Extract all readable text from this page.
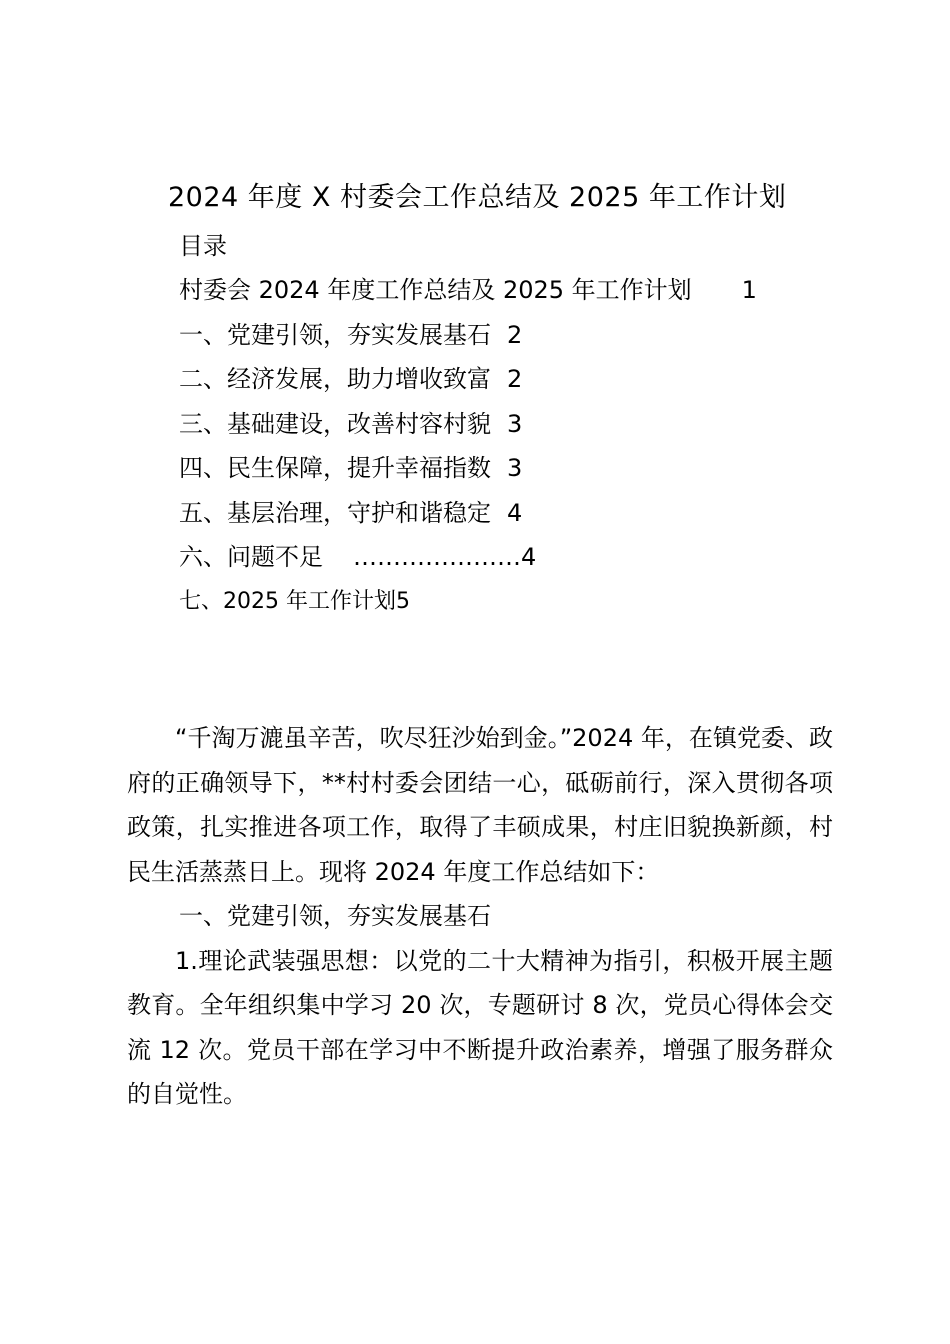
2024 年度 X 村委会工作总结及 2025 年工作计划
目录
村委会 2024 年度工作总结及 2025 年工作计划 1
一、党建引领，夯实发展基石 2
二、经济发展，助力增收致富 2
三、基础建设，改善村容村貌 3
四、民生保障，提升幸福指数 3
五、基层治理，守护和谐稳定 4
六、问题不足 ………………… 4
七、2025 年工作计划 5

“千淘万漉虽辛苦，吹尽狂沙始到金。”2024 年，在镇党委、政府的正确领导下，**村村委会团结一心，砥砺前行，深入贯彻各项政策，扎实推进各项工作，取得了丰硕成果，村庄旧貌换新颜，村民生活蒸蒸日上。现将 2024 年度工作总结如下：

一、党建引领，夯实发展基石

1.理论武装强思想：以党的二十大精神为指引，积极开展主题教育。全年组织集中学习 20 次，专题研讨 8 次，党员心得体会交流 12 次。党员干部在学习中不断提升政治素养，增强了服务群众的自觉性。
